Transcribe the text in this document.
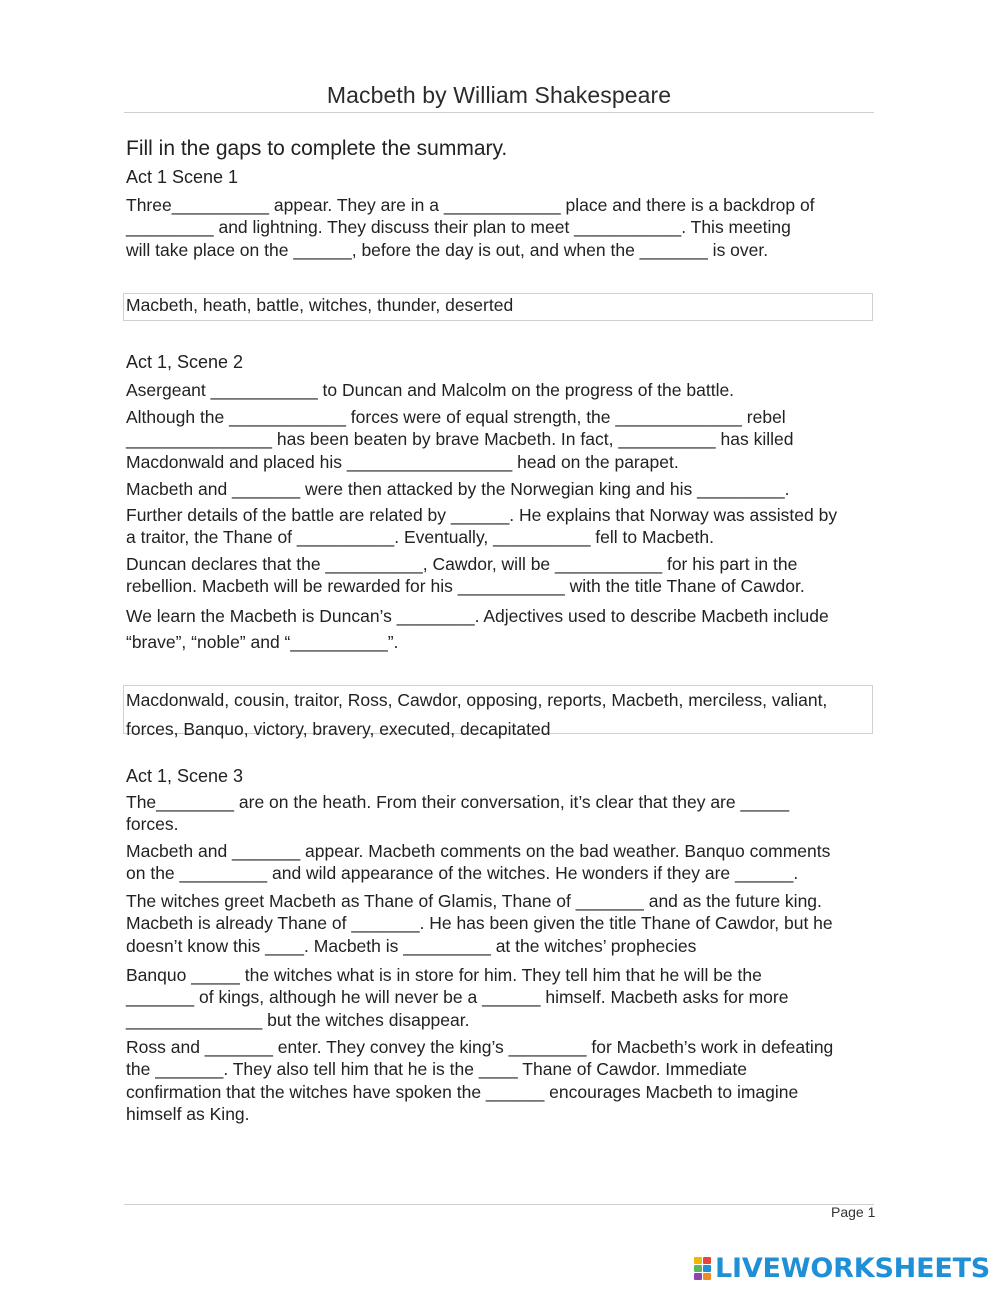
Macbeth by William Shakespeare
Fill in the gaps to complete the summary.
Act 1 Scene 1
Three__________ appear. They are in a ____________ place and there is a backdrop of
_________ and lightning. They discuss their plan to meet ___________. This meeting
will take place on the ______, before the day is out, and when the _______ is over.
Macbeth, heath, battle, witches, thunder, deserted
Act 1, Scene 2
Asergeant ___________ to Duncan and Malcolm on the progress of the battle.
Although the ____________ forces were of equal strength, the _____________ rebel
_______________ has been beaten by brave Macbeth. In fact, __________ has killed
Macdonwald and placed his _________________ head on the parapet.
Macbeth and _______ were then attacked by the Norwegian king and his _________.
Further details of the battle are related by ______. He explains that Norway was assisted by
a traitor, the Thane of __________. Eventually, __________ fell to Macbeth.
Duncan declares that the __________, Cawdor, will be ___________ for his part in the
rebellion. Macbeth will be rewarded for his ___________ with the title Thane of Cawdor.
We learn the Macbeth is Duncan’s ________. Adjectives used to describe Macbeth include
“brave”, “noble” and “__________”.
Macdonwald, cousin, traitor, Ross, Cawdor, opposing, reports, Macbeth, merciless, valiant,
forces, Banquo, victory, bravery, executed, decapitated
Act 1, Scene 3
The________ are on the heath. From their conversation, it’s clear that they are _____
forces.
Macbeth and _______ appear. Macbeth comments on the bad weather. Banquo comments
on the _________ and wild appearance of the witches. He wonders if they are ______.
The witches greet Macbeth as Thane of Glamis, Thane of _______ and as the future king.
Macbeth is already Thane of _______. He has been given the title Thane of Cawdor, but he
doesn’t know this ____. Macbeth is _________ at the witches’ prophecies
Banquo _____ the witches what is in store for him. They tell him that he will be the
_______ of kings, although he will never be a ______ himself. Macbeth asks for more
______________ but the witches disappear.
Ross and _______ enter. They convey the king’s ________ for Macbeth’s work in defeating
the _______. They also tell him that he is the ____ Thane of Cawdor. Immediate
confirmation that the witches have spoken the ______ encourages Macbeth to imagine
himself as King.
Page 1
LIVEWORKSHEETS
